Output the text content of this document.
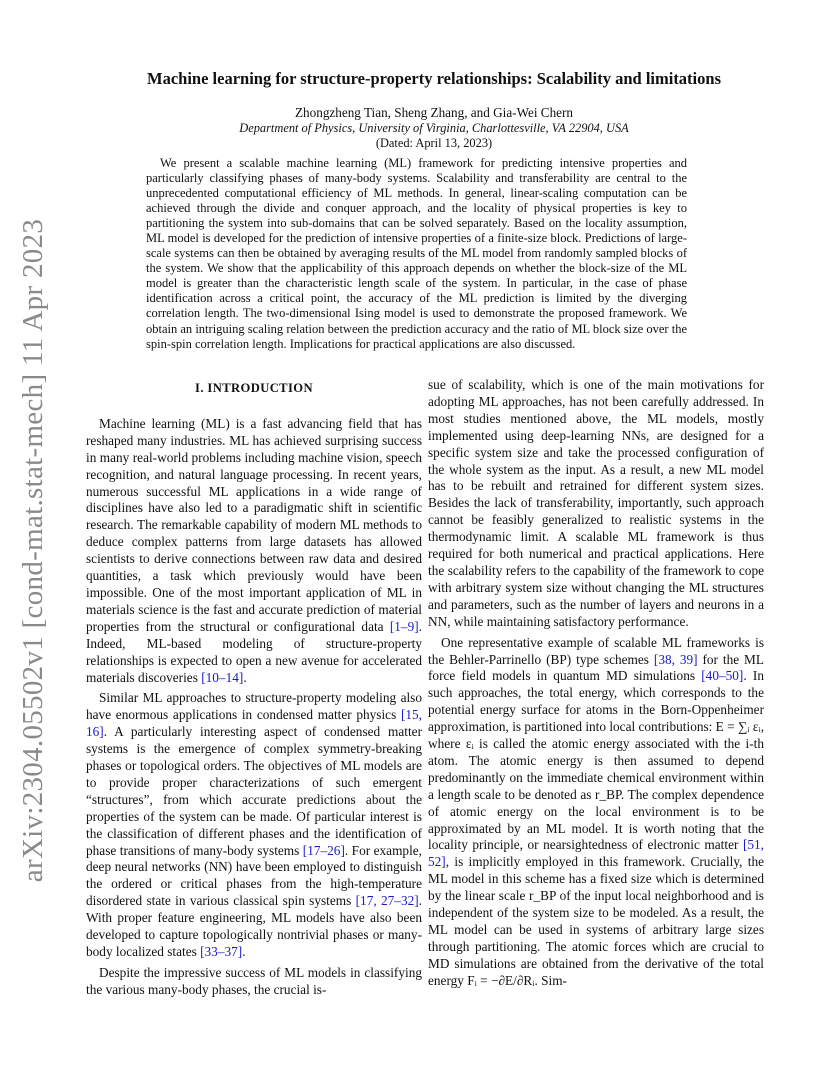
arXiv:2304.05502v1 [cond-mat.stat-mech] 11 Apr 2023
Machine learning for structure-property relationships: Scalability and limitations
Zhongzheng Tian, Sheng Zhang, and Gia-Wei Chern
Department of Physics, University of Virginia, Charlottesville, VA 22904, USA
(Dated: April 13, 2023)

We present a scalable machine learning (ML) framework for predicting intensive properties and particularly classifying phases of many-body systems. Scalability and transferability are central to the unprecedented computational efficiency of ML methods. In general, linear-scaling computation can be achieved through the divide and conquer approach, and the locality of physical properties is key to partitioning the system into sub-domains that can be solved separately. Based on the locality assumption, ML model is developed for the prediction of intensive properties of a finite-size block. Predictions of large-scale systems can then be obtained by averaging results of the ML model from randomly sampled blocks of the system. We show that the applicability of this approach depends on whether the block-size of the ML model is greater than the characteristic length scale of the system. In particular, in the case of phase identification across a critical point, the accuracy of the ML prediction is limited by the diverging correlation length. The two-dimensional Ising model is used to demonstrate the proposed framework. We obtain an intriguing scaling relation between the prediction accuracy and the ratio of ML block size over the spin-spin correlation length. Implications for practical applications are also discussed.

I. INTRODUCTION

Machine learning (ML) is a fast advancing field that has reshaped many industries. ML has achieved surprising success in many real-world problems including machine vision, speech recognition, and natural language processing. In recent years, numerous successful ML applications in a wide range of disciplines have also led to a paradigmatic shift in scientific research. The remarkable capability of modern ML methods to deduce complex patterns from large datasets has allowed scientists to derive connections between raw data and desired quantities, a task which previously would have been impossible. One of the most important application of ML in materials science is the fast and accurate prediction of material properties from the structural or configurational data [1–9]. Indeed, ML-based modeling of structure-property relationships is expected to open a new avenue for accelerated materials discoveries [10–14].

Similar ML approaches to structure-property modeling also have enormous applications in condensed matter physics [15, 16]. A particularly interesting aspect of condensed matter systems is the emergence of complex symmetry-breaking phases or topological orders. The objectives of ML models are to provide proper characterizations of such emergent “structures”, from which accurate predictions about the properties of the system can be made. Of particular interest is the classification of different phases and the identification of phase transitions of many-body systems [17–26]. For example, deep neural networks (NN) have been employed to distinguish the ordered or critical phases from the high-temperature disordered state in various classical spin systems [17, 27–32]. With proper feature engineering, ML models have also been developed to capture topologically nontrivial phases or many-body localized states [33–37].

Despite the impressive success of ML models in classifying the various many-body phases, the crucial is-

sue of scalability, which is one of the main motivations for adopting ML approaches, has not been carefully addressed. In most studies mentioned above, the ML models, mostly implemented using deep-learning NNs, are designed for a specific system size and take the processed configuration of the whole system as the input. As a result, a new ML model has to be rebuilt and retrained for different system sizes. Besides the lack of transferability, importantly, such approach cannot be feasibly generalized to realistic systems in the thermodynamic limit. A scalable ML framework is thus required for both numerical and practical applications. Here the scalability refers to the capability of the framework to cope with arbitrary system size without changing the ML structures and parameters, such as the number of layers and neurons in a NN, while maintaining satisfactory performance.

One representative example of scalable ML frameworks is the Behler-Parrinello (BP) type schemes [38, 39] for the ML force field models in quantum MD simulations [40–50]. In such approaches, the total energy, which corresponds to the potential energy surface for atoms in the Born-Oppenheimer approximation, is partitioned into local contributions: E = ∑ᵢ εᵢ, where εᵢ is called the atomic energy associated with the i-th atom. The atomic energy is then assumed to depend predominantly on the immediate chemical environment within a length scale to be denoted as r_BP. The complex dependence of atomic energy on the local environment is to be approximated by an ML model. It is worth noting that the locality principle, or nearsightedness of electronic matter [51, 52], is implicitly employed in this framework. Crucially, the ML model in this scheme has a fixed size which is determined by the linear scale r_BP of the input local neighborhood and is independent of the system size to be modeled. As a result, the ML model can be used in systems of arbitrary large sizes through partitioning. The atomic forces which are crucial to MD simulations are obtained from the derivative of the total energy Fᵢ = −∂E/∂Rᵢ. Sim-
